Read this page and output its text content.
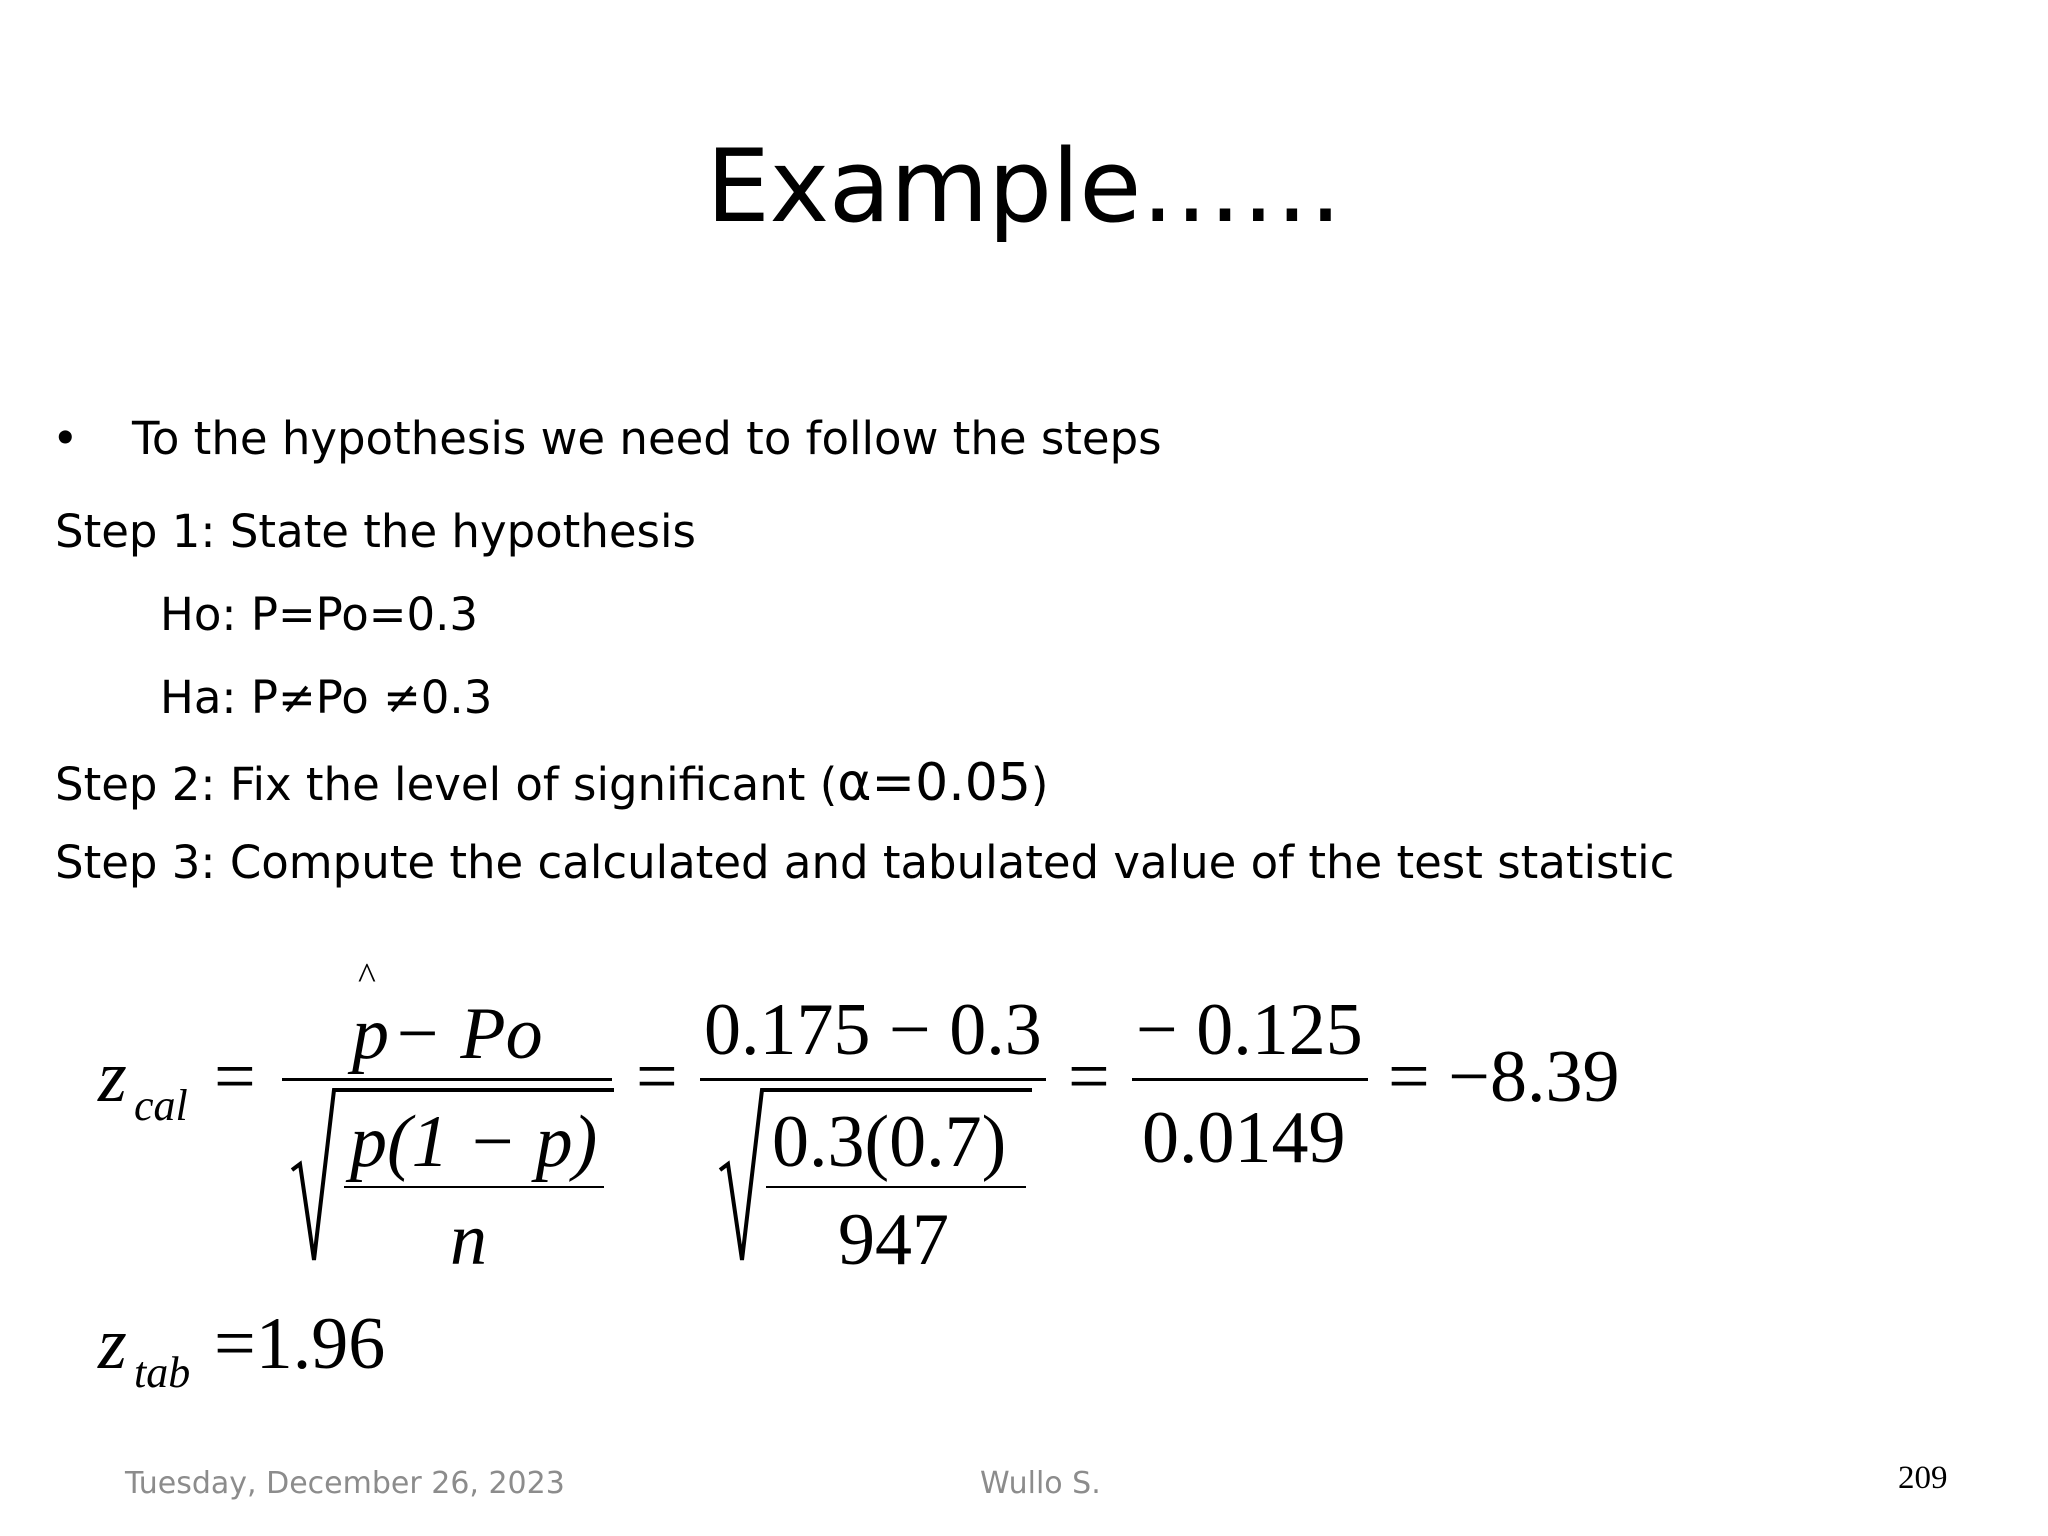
Example……
• To the hypothesis we need to follow the steps
Step 1: State the hypothesis
Ho: P=Po=0.3
Ha: P≠Po ≠0.3
Step 2: Fix the level of significant (α=0.05)
Step 3: Compute the calculated and tabulated value of the test statistic
z cal =
^
p − Po
p(1 − p)
n
=
0.175 − 0.3
0.3(0.7)
947
=
− 0.125
0.0149
= −8.39
z tab =1.96
Tuesday, December 26, 2023	Wullo S.	209
